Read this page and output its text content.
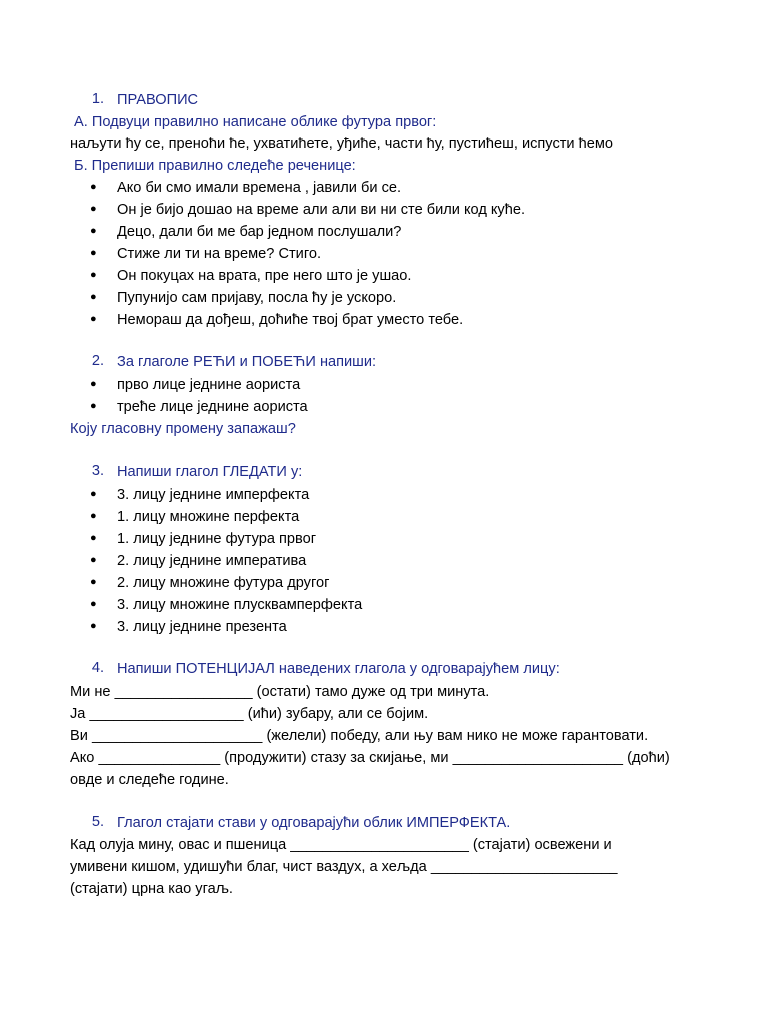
1. ПРАВОПИС
А. Подвуци правилно написане облике футура првог:
наљути ћу се, преноћи ће, ухватићете, уђиће, части ћу, пустићеш, испусти ћемо
Б. Препиши правилно следеће реченице:
● Ако би смо имали времена , јавили би се.
● Он је бијо дошао на време али али ви ни сте били код куће.
● Децо, дали би ме бар једном послушали?
● Стиже ли ти на време? Стиго.
● Он покуцах на врата, пре него што је ушао.
● Пупунијо сам пријаву, посла ћу је ускоро.
● Немораш да дођеш, доћиће твој брат уместо тебе.
2. За глаголе РЕЋИ и ПОБЕЋИ напиши:
● прво лице једнине аориста
● треће лице једнине аориста
Коју гласовну промену запажаш?
3. Напиши глагол ГЛЕДАТИ у:
● 3. лицу једнине имперфекта
● 1. лицу множине перфекта
● 1. лицу једнине футура првог
● 2. лицу једнине императива
● 2. лицу множине футура другог
● 3. лицу множине плусквамперфекта
● 3. лицу једнине презента
4. Напиши ПОТЕНЦИЈАЛ наведених глагола у одговарајућем лицу:
Ми не _________________ (остати) тамо дуже од три минута.
Ја ___________________ (ићи) зубару, али се бојим.
Ви _____________________ (желели) победу, али њу вам нико не може гарантовати.
Ако _______________ (продужити) стазу за скијање, ми _____________________ (доћи)
овде и следеће године.
5. Глагол стајати стави у одговарајући облик ИМПЕРФЕКТА.
Кад олуја мину, овас и пшеница ______________________ (стајати) освежени и
умивени кишом, удишући благ, чист ваздух, а хељда _______________________
(стајати) црна као угаљ.
